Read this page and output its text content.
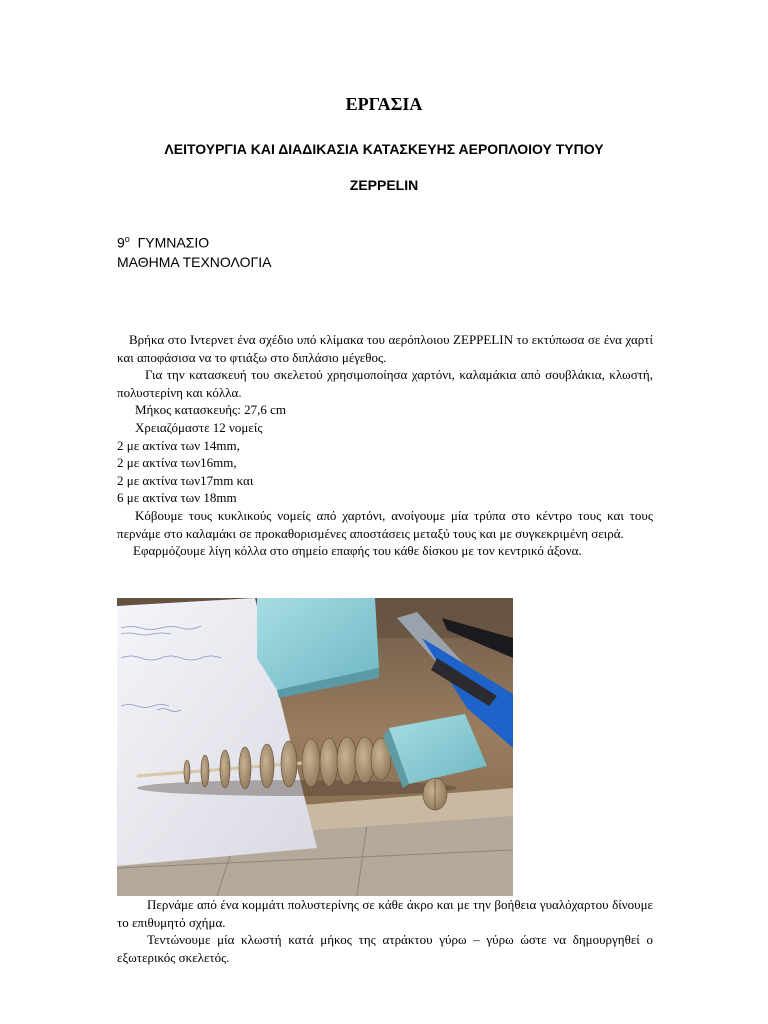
ΕΡΓΑΣΙΑ
ΛΕΙΤΟΥΡΓΙΑ ΚΑΙ ΔΙΑΔΙΚΑΣΙΑ ΚΑΤΑΣΚΕΥΗΣ ΑΕΡΟΠΛΟΙΟΥ ΤΥΠΟΥ
ZEPPELIN
$9^o$ ΓΥΜΝΑΣΙΟ
ΜΑΘΗΜΑ ΤΕΧΝΟΛΟΓΙΑ

Βρήκα στο Ιντερνετ ένα σχέδιο υπό κλίμακα του αερόπλοιου ZEPPELIN το εκτύπωσα σε ένα χαρτί και αποφάσισα να το φτιάξω στο διπλάσιο μέγεθος.

Για την κατασκευή του σκελετού χρησιμοποίησα χαρτόνι, καλαμάκια από σουβλάκια, κλωστή, πολυστερίνη και κόλλα.

Μήκος κατασκευής: 27,6 cm

Χρειαζόμαστε 12 νομείς

2 με ακτίνα των 14mm,

2 με ακτίνα των16mm,

2 με ακτίνα των17mm και

6 με ακτίνα των 18mm

Κόβουμε τους κυκλικούς νομείς από χαρτόνι, ανοίγουμε μία τρύπα στο κέντρο τους και τους περνάμε στο καλαμάκι σε προκαθορισμένες αποστάσεις μεταξύ τους και με συγκεκριμένη σειρά.

Εφαρμόζουμε λίγη κόλλα στο σημείο επαφής του κάθε δίσκου με τον κεντρικό άξονα.

Περνάμε από ένα κομμάτι πολυστερίνης σε κάθε άκρο και με την βοήθεια γυαλόχαρτου δίνουμε το επιθυμητό σχήμα.

Τεντώνουμε μία κλωστή κατά μήκος της ατράκτου γύρω – γύρω ώστε να δημουργηθεί ο εξωτερικός σκελετός.
